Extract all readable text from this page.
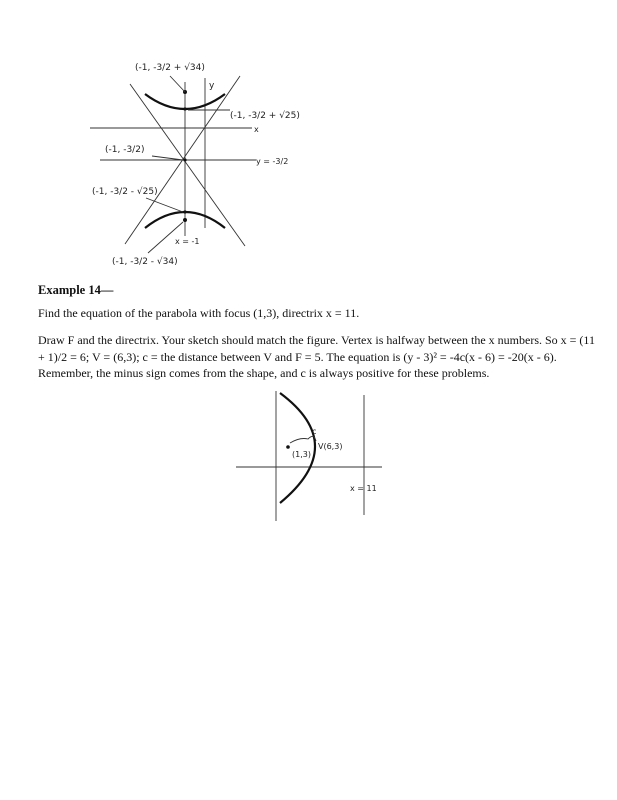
(-1, -3/2 + √34)
(-1, -3/2 + √25)
(-1, -3/2)
(-1, -3/2 - √25)
(-1, -3/2 - √34)
y
x
y = -3/2
x = -1
Example 14—
Find the equation of the parabola with focus (1,3), directrix x = 11.
Draw F and the directrix. Your sketch should match the figure. Vertex is halfway between the x numbers. So x = (11 + 1)/2 = 6; V = (6,3); c = the distance between V and F = 5. The equation is (y - 3)² = -4c(x - 6) = -20(x - 6). Remember, the minus sign comes from the shape, and c is always positive for these problems.
(1,3)
V(6,3)
c
x = 11
